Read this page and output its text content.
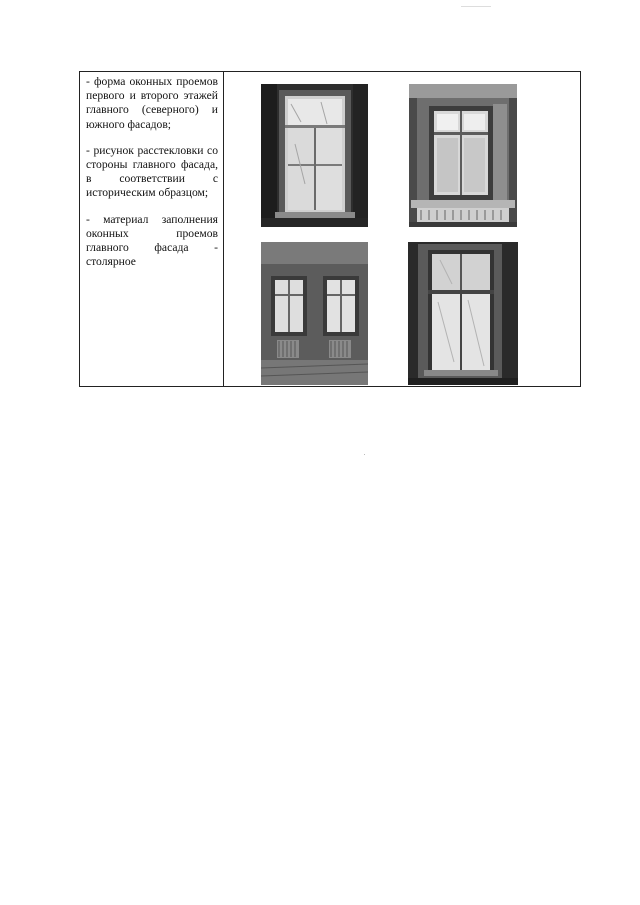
- форма оконных проемов первого и второго этажей главного (северного) и южного фасадов;

- рисунок расстекловки со стороны главного фасада, в соответствии с историческим образцом;

- материал заполнения оконных проемов главного фасада - столярное
